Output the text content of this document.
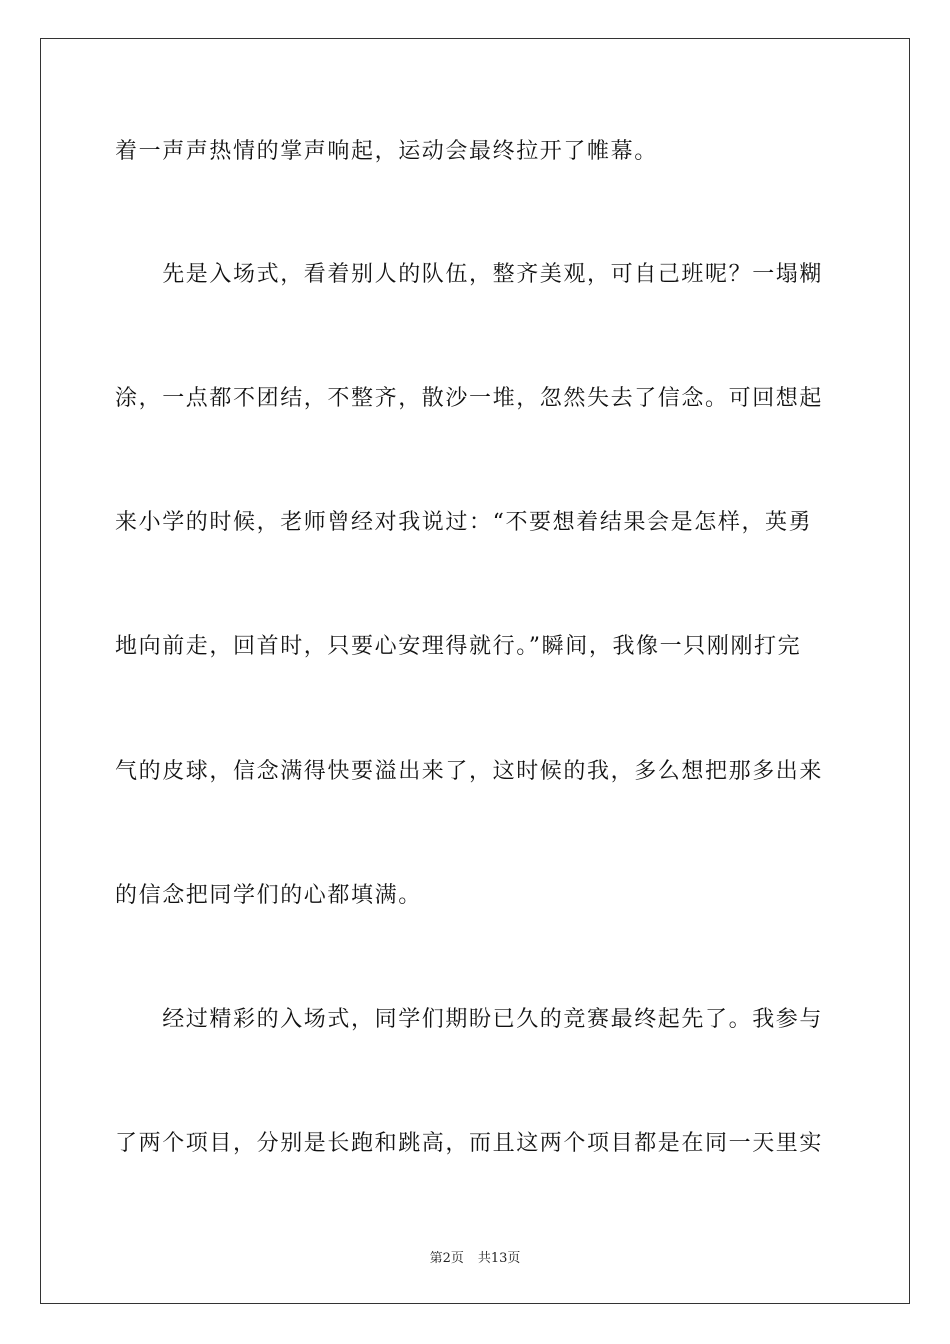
着一声声热情的掌声响起，运动会最终拉开了帷幕。
　　先是入场式，看着别人的队伍，整齐美观，可自己班呢？一塌糊
涂，一点都不团结，不整齐，散沙一堆，忽然失去了信念。可回想起
来小学的时候，老师曾经对我说过：“不要想着结果会是怎样，英勇
地向前走，回首时，只要心安理得就行。”瞬间，我像一只刚刚打完
气的皮球，信念满得快要溢出来了，这时候的我，多么想把那多出来
的信念把同学们的心都填满。
　　经过精彩的入场式，同学们期盼已久的竞赛最终起先了。我参与
了两个项目，分别是长跑和跳高，而且这两个项目都是在同一天里实
第2页 共13页
